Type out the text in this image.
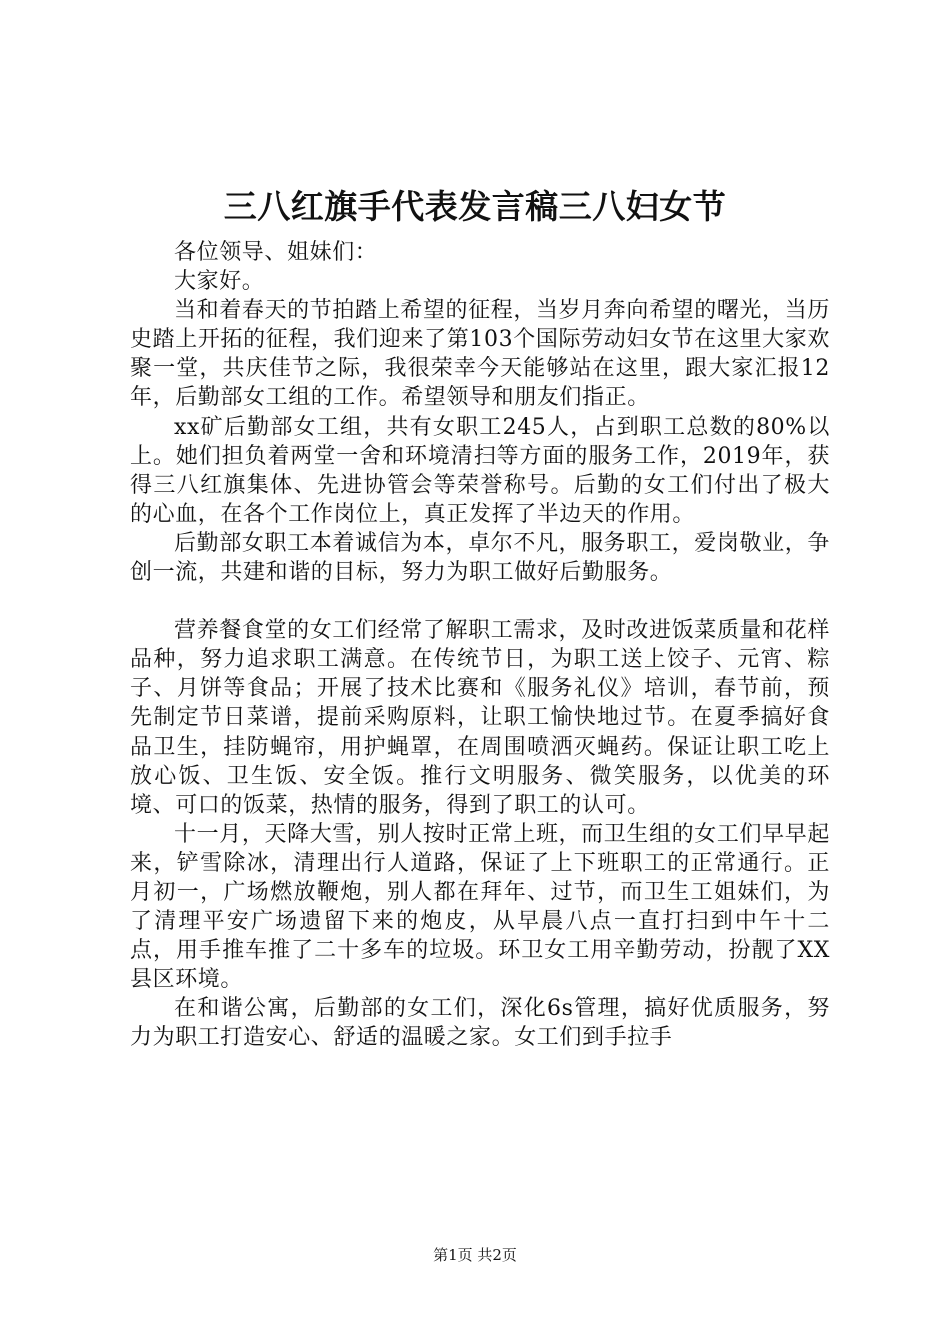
三八红旗手代表发言稿三八妇女节

各位领导、姐妹们：

大家好。

当和着春天的节拍踏上希望的征程，当岁月奔向希望的曙光，当历史踏上开拓的征程，我们迎来了第103个国际劳动妇女节在这里大家欢聚一堂，共庆佳节之际，我很荣幸今天能够站在这里，跟大家汇报12年，后勤部女工组的工作。希望领导和朋友们指正。

xx矿后勤部女工组，共有女职工245人，占到职工总数的80%以上。她们担负着两堂一舍和环境清扫等方面的服务工作，2019年，获得三八红旗集体、先进协管会等荣誉称号。后勤的女工们付出了极大的心血，在各个工作岗位上，真正发挥了半边天的作用。

后勤部女职工本着诚信为本，卓尔不凡，服务职工，爱岗敬业，争创一流，共建和谐的目标，努力为职工做好后勤服务。

营养餐食堂的女工们经常了解职工需求，及时改进饭菜质量和花样品种，努力追求职工满意。在传统节日，为职工送上饺子、元宵、粽子、月饼等食品；开展了技术比赛和《服务礼仪》培训，春节前，预先制定节日菜谱，提前采购原料，让职工愉快地过节。在夏季搞好食品卫生，挂防蝇帘，用护蝇罩，在周围喷洒灭蝇药。保证让职工吃上放心饭、卫生饭、安全饭。推行文明服务、微笑服务，以优美的环境、可口的饭菜，热情的服务，得到了职工的认可。

十一月，天降大雪，别人按时正常上班，而卫生组的女工们早早起来，铲雪除冰，清理出行人道路，保证了上下班职工的正常通行。正月初一，广场燃放鞭炮，别人都在拜年、过节，而卫生工姐妹们，为了清理平安广场遗留下来的炮皮，从早晨八点一直打扫到中午十二点，用手推车推了二十多车的垃圾。环卫女工用辛勤劳动，扮靓了XX县区环境。

在和谐公寓，后勤部的女工们，深化6s管理，搞好优质服务，努力为职工打造安心、舒适的温暖之家。女工们到手拉手

第1页 共2页
